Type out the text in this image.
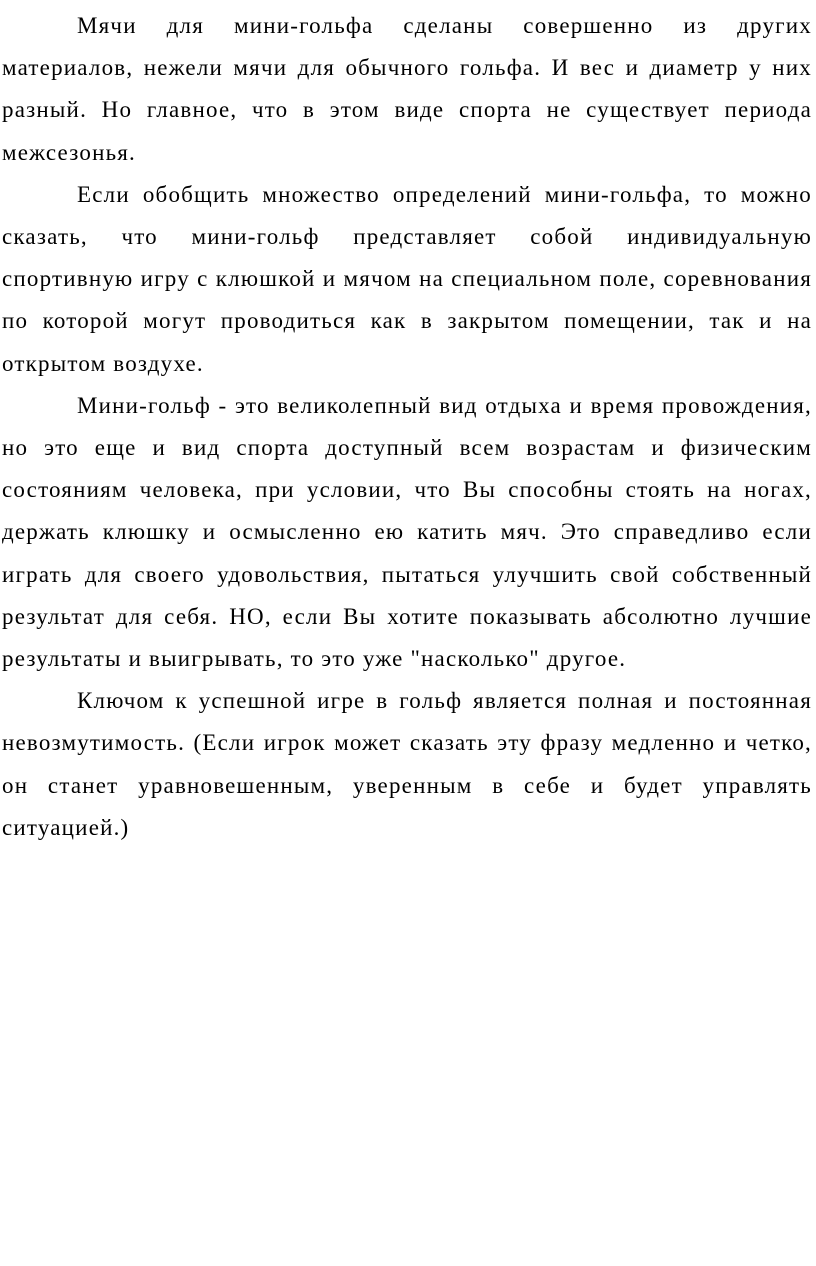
Мячи для мини-гольфа сделаны совершенно из других материалов, нежели мячи для обычного гольфа. И вес и диаметр у них разный. Но главное, что в этом виде спорта не существует периода межсезонья.

Если обобщить множество определений мини-гольфа, то можно сказать, что мини-гольф представляет собой индивидуальную спортивную игру с клюшкой и мячом на специальном поле, соревнования по которой могут проводиться как в закрытом помещении, так и на открытом воздухе.

Мини-гольф - это великолепный вид отдыха и время провождения, но это еще и вид спорта доступный всем возрастам и физическим состояниям человека, при условии, что Вы способны стоять на ногах, держать клюшку и осмысленно ею катить мяч. Это справедливо если играть для своего удовольствия, пытаться улучшить свой собственный результат для себя. НО, если Вы хотите показывать абсолютно лучшие результаты и выигрывать, то это уже "насколько" другое.

Ключом к успешной игре в гольф является полная и постоянная невозмутимость. (Если игрок может сказать эту фразу медленно и четко, он станет уравновешенным, уверенным в себе и будет управлять ситуацией.)
